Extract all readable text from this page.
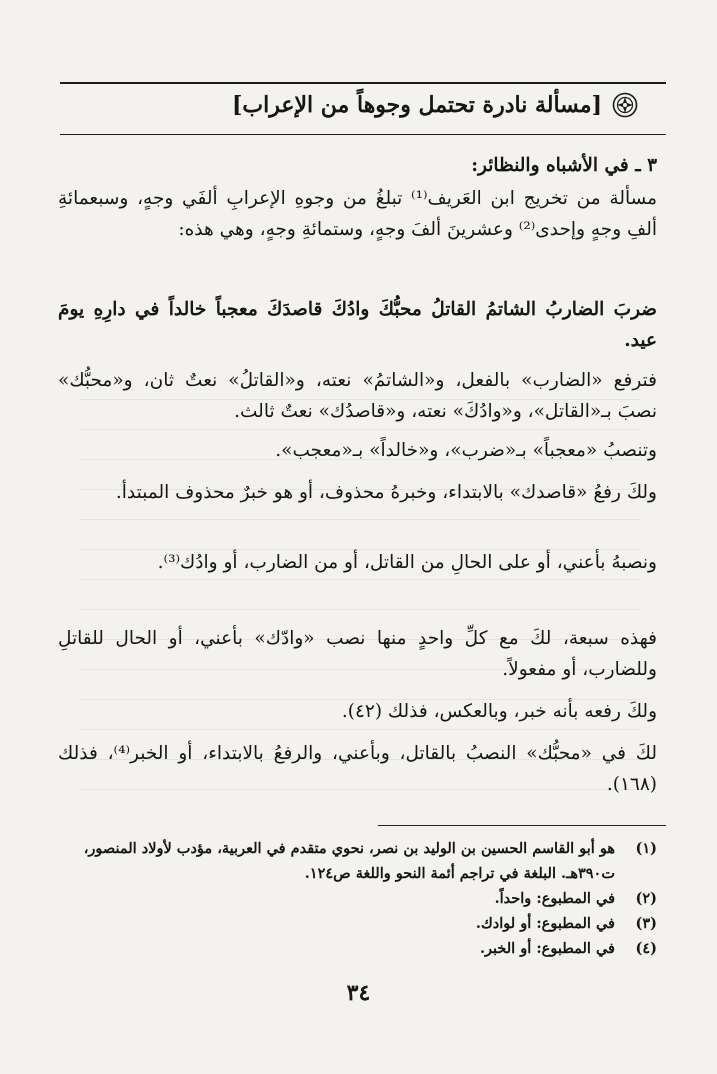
[مسألة نادرة تحتمل وجوهاً من الإعراب]
٣ ـ في الأشباه والنظائر:

مسألة من تخريج ابن العَريف⁽¹⁾ تبلغُ من وجوهِ الإعرابِ ألفَي وجهٍ، وسبعمائةِ ألفِ وجهٍ وإحدى⁽²⁾ وعشرينَ ألفَ وجهٍ، وستمائةِ وجهٍ، وهي هذه:

ضربَ الضاربُ الشاتمُ القاتلُ محبُّكَ وادُكَ قاصدَكَ معجباً خالداً في دارِهِ يومَ عيد.

فترفع «الضارب» بالفعل، و«الشاتمُ» نعته، و«القاتلُ» نعتٌ ثان، و«محبُّك» نصبَ بـ«القاتل»، و«وادُكَ» نعته، و«قاصدُك» نعتٌ ثالث.

وتنصبُ «معجباً» بـ«ضرب»، و«خالداً» بـ«معجب».

ولكَ رفعُ «قاصدك» بالابتداء، وخبرهُ محذوف، أو هو خبرٌ محذوف المبتدأ.

ونصبهُ بأعني، أو على الحالِ من القاتل، أو من الضارب، أو وادُك⁽³⁾.

فهذه سبعة، لكَ مع كلِّ واحدٍ منها نصب «وادّك» بأعني، أو الحال للقاتلِ وللضارب، أو مفعولاً.

ولكَ رفعه بأنه خبر، وبالعكس، فذلك (٤٢).

لكَ في «محبُّك» النصبُ بالقاتل، وبأعني، والرفعُ بالابتداء، أو الخبر⁽⁴⁾، فذلك (١٦٨).

(١)
هو أبو القاسم الحسين بن الوليد بن نصر، نحوي متقدم في العربية، مؤدب لأولاد المنصور، ت٣٩٠هـ. البلغة في تراجم أئمة النحو واللغة ص١٢٤.
(٢)
في المطبوع: واحداً.
(٣)
في المطبوع: أو لوادك.
(٤)
في المطبوع: أو الخبر.
٣٤
